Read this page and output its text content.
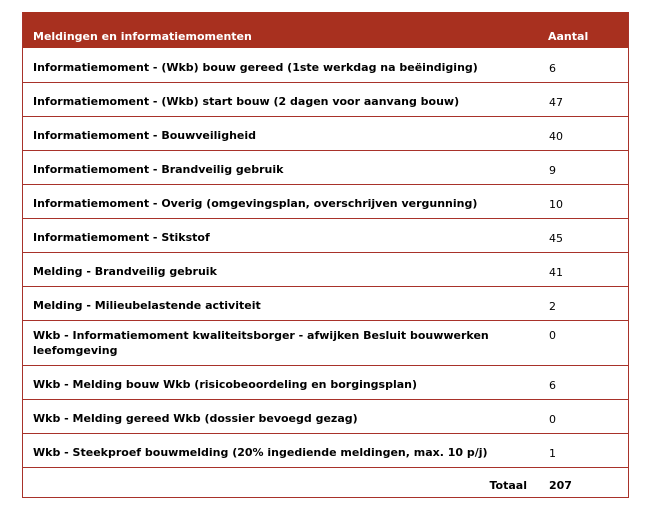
Meldingen en informatiemomenten	Aantal
Informatiemoment - (Wkb) bouw gereed (1ste werkdag na beëindiging)	6
Informatiemoment - (Wkb) start bouw (2 dagen voor aanvang bouw)	47
Informatiemoment - Bouwveiligheid	40
Informatiemoment - Brandveilig gebruik	9
Informatiemoment - Overig (omgevingsplan, overschrijven vergunning)	10
Informatiemoment - Stikstof	45
Melding - Brandveilig gebruik	41
Melding - Milieubelastende activiteit	2
Wkb - Informatiemoment kwaliteitsborger - afwijken Besluit bouwwerken leefomgeving	0
Wkb - Melding bouw Wkb (risicobeoordeling en borgingsplan)	6
Wkb - Melding gereed Wkb (dossier bevoegd gezag)	0
Wkb - Steekproef bouwmelding (20% ingediende meldingen, max. 10 p/j)	1
Totaal	207
